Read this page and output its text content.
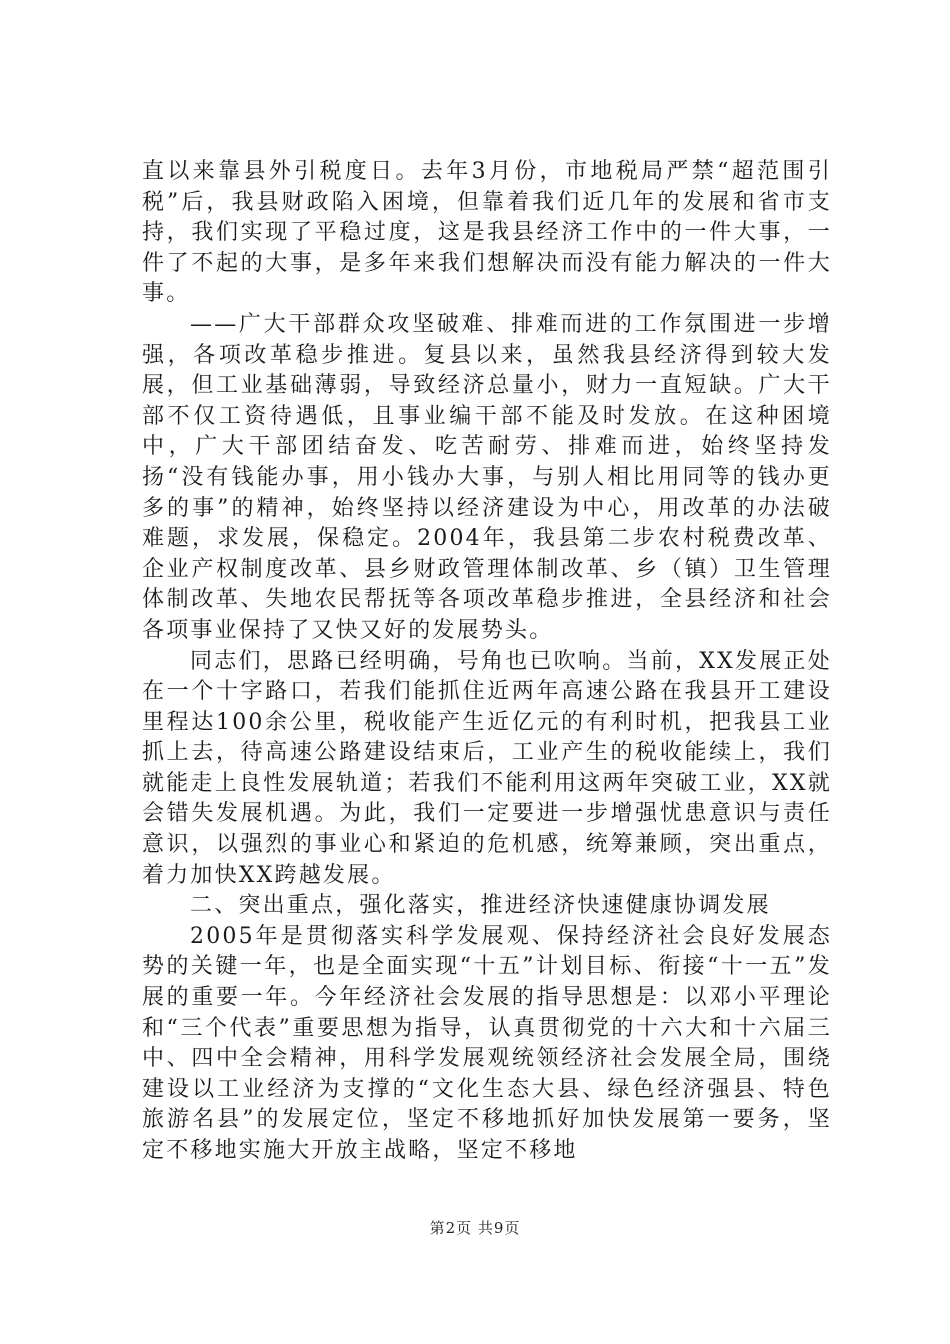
直以来靠县外引税度日。去年3月份，市地税局严禁“超范围引税”后，我县财政陷入困境，但靠着我们近几年的发展和省市支持，我们实现了平稳过度，这是我县经济工作中的一件大事，一件了不起的大事，是多年来我们想解决而没有能力解决的一件大事。

——广大干部群众攻坚破难、排难而进的工作氛围进一步增强，各项改革稳步推进。复县以来，虽然我县经济得到较大发展，但工业基础薄弱，导致经济总量小，财力一直短缺。广大干部不仅工资待遇低，且事业编干部不能及时发放。在这种困境中，广大干部团结奋发、吃苦耐劳、排难而进，始终坚持发扬“没有钱能办事，用小钱办大事，与别人相比用同等的钱办更多的事”的精神，始终坚持以经济建设为中心，用改革的办法破难题，求发展，保稳定。2004年，我县第二步农村税费改革、企业产权制度改革、县乡财政管理体制改革、乡（镇）卫生管理体制改革、失地农民帮抚等各项改革稳步推进，全县经济和社会各项事业保持了又快又好的发展势头。

同志们，思路已经明确，号角也已吹响。当前，XX发展正处在一个十字路口，若我们能抓住近两年高速公路在我县开工建设里程达100余公里，税收能产生近亿元的有利时机，把我县工业抓上去，待高速公路建设结束后，工业产生的税收能续上，我们就能走上良性发展轨道；若我们不能利用这两年突破工业，XX就会错失发展机遇。为此，我们一定要进一步增强忧患意识与责任意识，以强烈的事业心和紧迫的危机感，统筹兼顾，突出重点，着力加快XX跨越发展。

二、突出重点，强化落实，推进经济快速健康协调发展

2005年是贯彻落实科学发展观、保持经济社会良好发展态势的关键一年，也是全面实现“十五”计划目标、衔接“十一五”发展的重要一年。今年经济社会发展的指导思想是：以邓小平理论和“三个代表”重要思想为指导，认真贯彻党的十六大和十六届三中、四中全会精神，用科学发展观统领经济社会发展全局，围绕建设以工业经济为支撑的“文化生态大县、绿色经济强县、特色旅游名县”的发展定位，坚定不移地抓好加快发展第一要务，坚定不移地实施大开放主战略，坚定不移地

第2页 共9页
